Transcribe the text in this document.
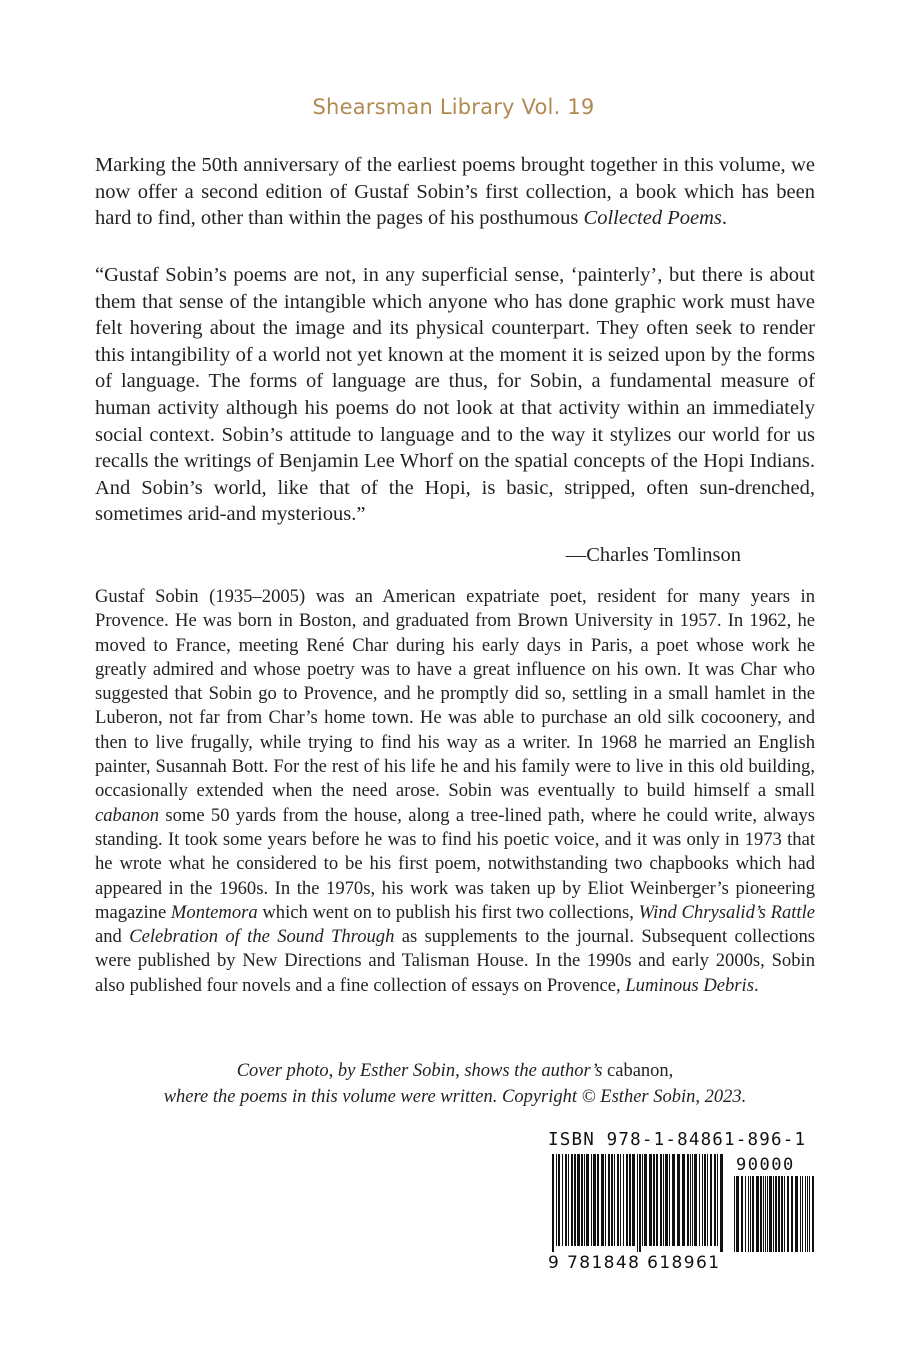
Shearsman Library Vol. 19

Marking the 50th anniversary of the earliest poems brought together in this volume, we now offer a second edition of Gustaf Sobin’s first collection, a book which has been hard to find, other than within the pages of his posthumous Collected Poems.

“Gustaf Sobin’s poems are not, in any superficial sense, ‘painterly’, but there is about them that sense of the intangible which anyone who has done graphic work must have felt hovering about the image and its physical counterpart. They often seek to render this intangibility of a world not yet known at the moment it is seized upon by the forms of language. The forms of language are thus, for Sobin, a fundamental measure of human activity although his poems do not look at that activity within an immediately social context. Sobin’s attitude to language and to the way it stylizes our world for us recalls the writings of Benjamin Lee Whorf on the spatial concepts of the Hopi Indians. And Sobin’s world, like that of the Hopi, is basic, stripped, often sun-drenched, sometimes arid-and mysterious.”

—Charles Tomlinson

Gustaf Sobin (1935–2005) was an American expatriate poet, resident for many years in Provence. He was born in Boston, and graduated from Brown University in 1957. In 1962, he moved to France, meeting René Char during his early days in Paris, a poet whose work he greatly admired and whose poetry was to have a great influence on his own. It was Char who suggested that Sobin go to Provence, and he promptly did so, settling in a small hamlet in the Luberon, not far from Char’s home town. He was able to purchase an old silk cocoonery, and then to live frugally, while trying to find his way as a writer. In 1968 he married an English painter, Susannah Bott. For the rest of his life he and his family were to live in this old building, occasionally extended when the need arose. Sobin was eventually to build himself a small cabanon some 50 yards from the house, along a tree-lined path, where he could write, always standing. It took some years before he was to find his poetic voice, and it was only in 1973 that he wrote what he considered to be his first poem, notwithstanding two chapbooks which had appeared in the 1960s. In the 1970s, his work was taken up by Eliot Weinberger’s pioneering magazine Montemora which went on to publish his first two collections, Wind Chrysalid’s Rattle and Celebration of the Sound Through as supplements to the journal. Subsequent collections were published by New Directions and Talisman House. In the 1990s and early 2000s, Sobin also published four novels and a fine collection of essays on Provence, Luminous Debris.

Cover photo, by Esther Sobin, shows the author’s cabanon,
where the poems in this volume were written. Copyright © Esther Sobin, 2023.
ISBN 978-1-84861-896-1
90000
9 781848 618961
